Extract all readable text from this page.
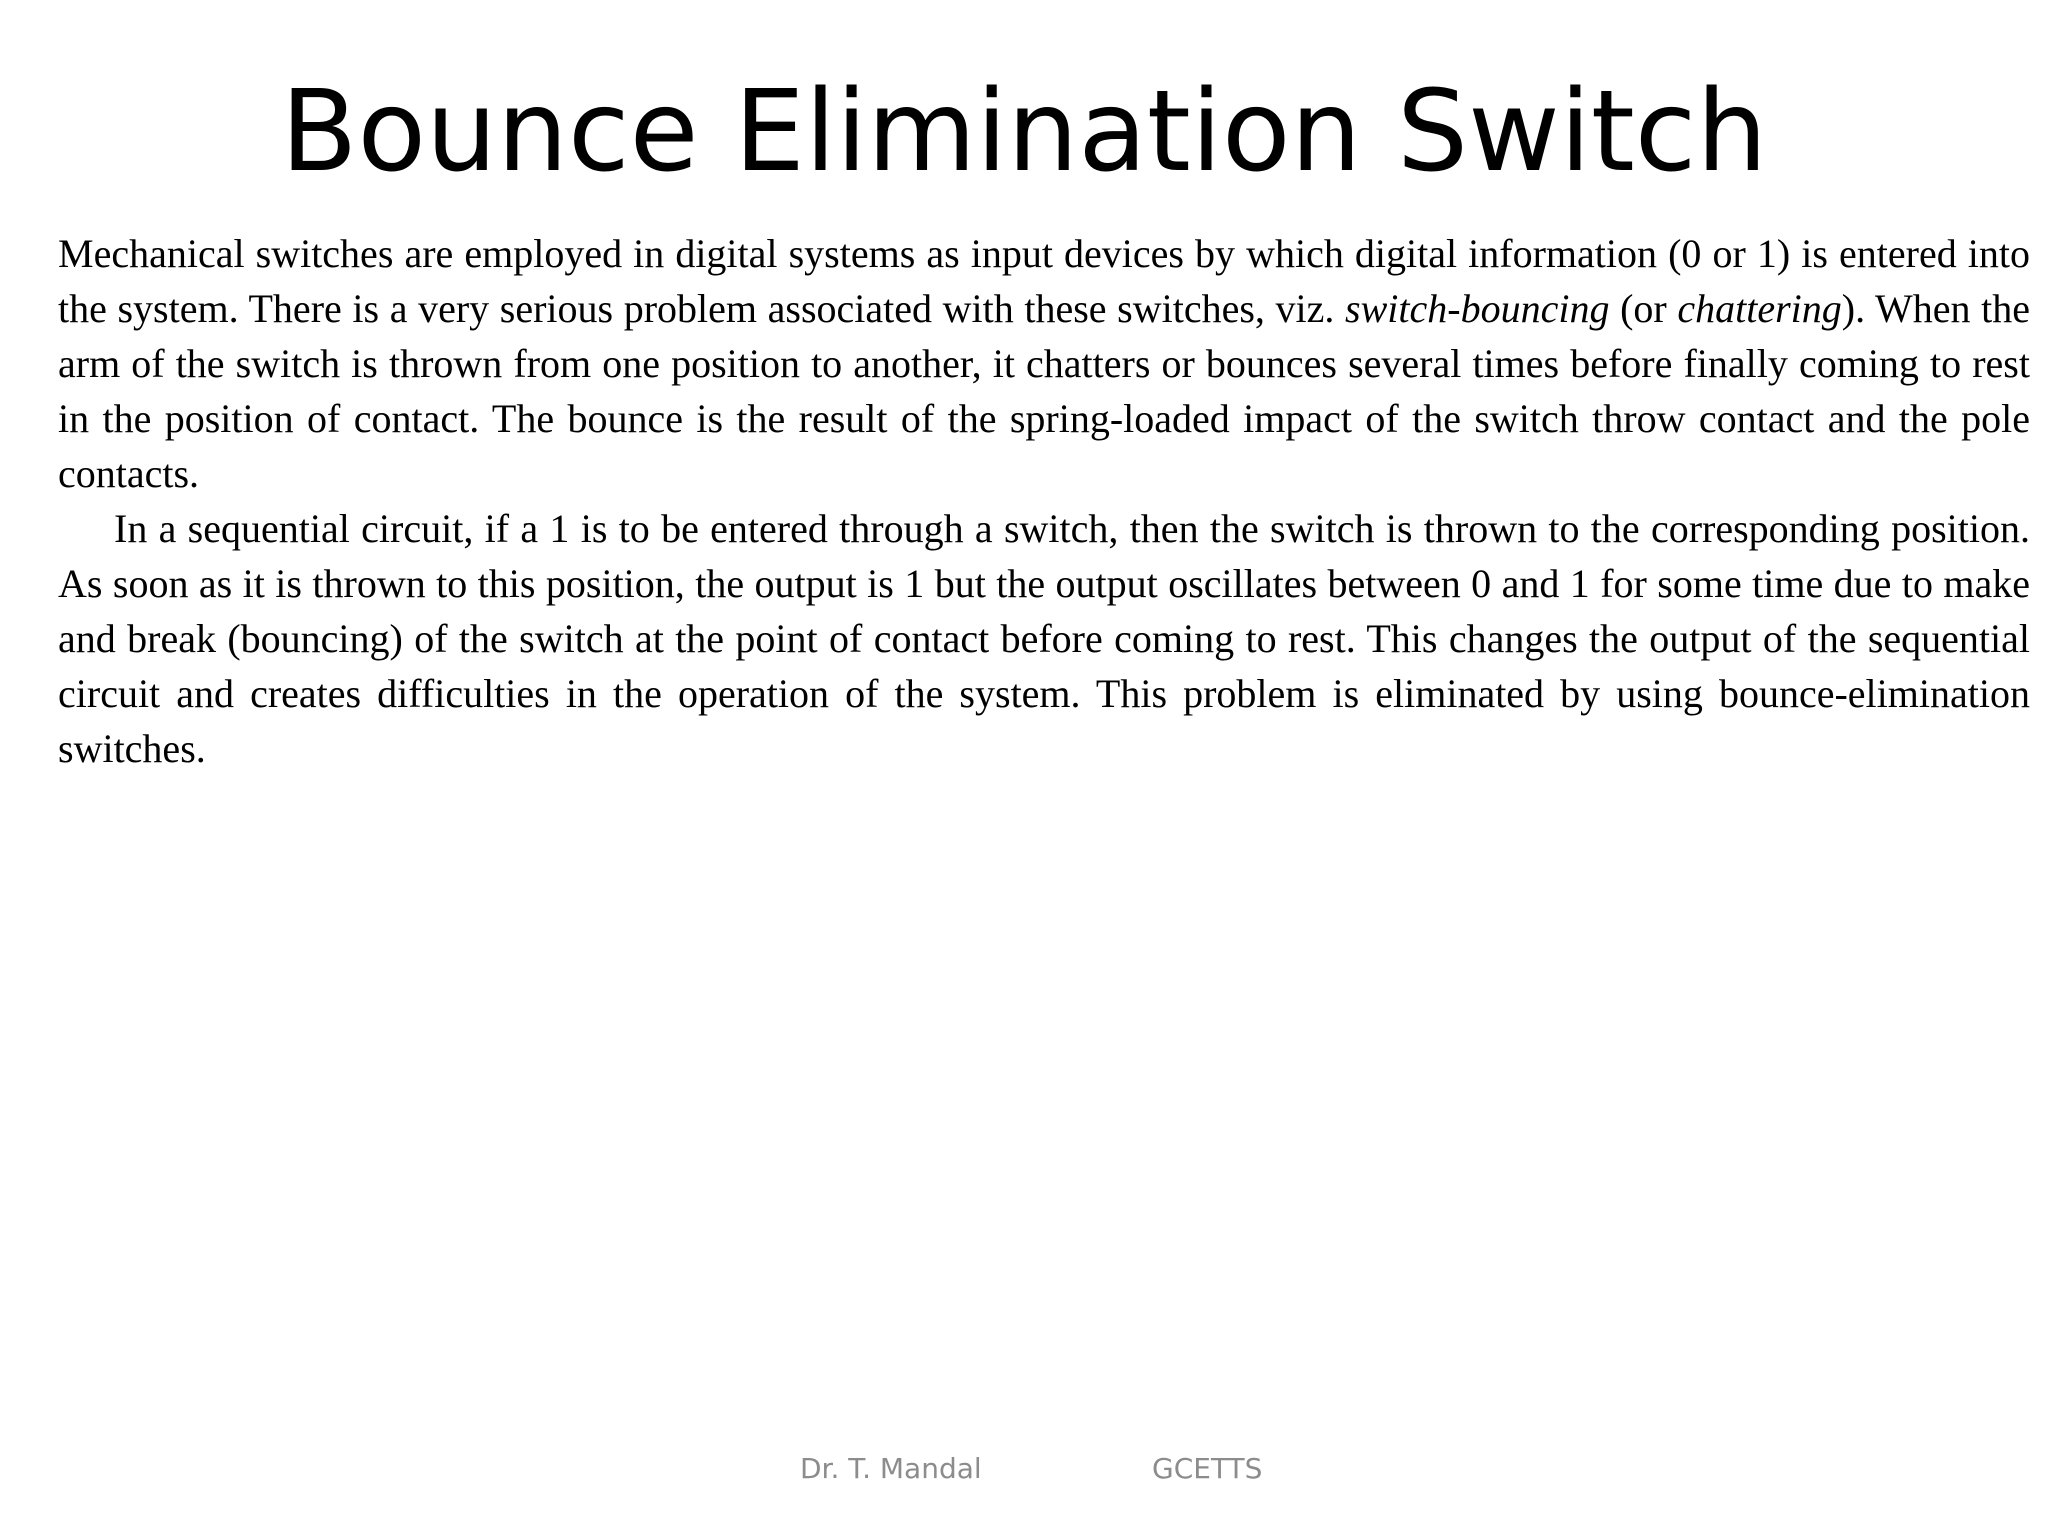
Bounce Elimination Switch

Mechanical switches are employed in digital systems as input devices by which digital information (0 or 1) is entered into the system. There is a very serious problem associated with these switches, viz. switch-bouncing (or chattering). When the arm of the switch is thrown from one position to another, it chatters or bounces several times before finally coming to rest in the position of contact. The bounce is the result of the spring-loaded impact of the switch throw contact and the pole contacts.

In a sequential circuit, if a 1 is to be entered through a switch, then the switch is thrown to the corresponding position. As soon as it is thrown to this position, the output is 1 but the output oscillates between 0 and 1 for some time due to make and break (bouncing) of the switch at the point of contact before coming to rest. This changes the output of the sequential circuit and creates difficulties in the operation of the system. This problem is eliminated by using bounce-elimination switches.

Dr. T. Mandal	GCETTS
